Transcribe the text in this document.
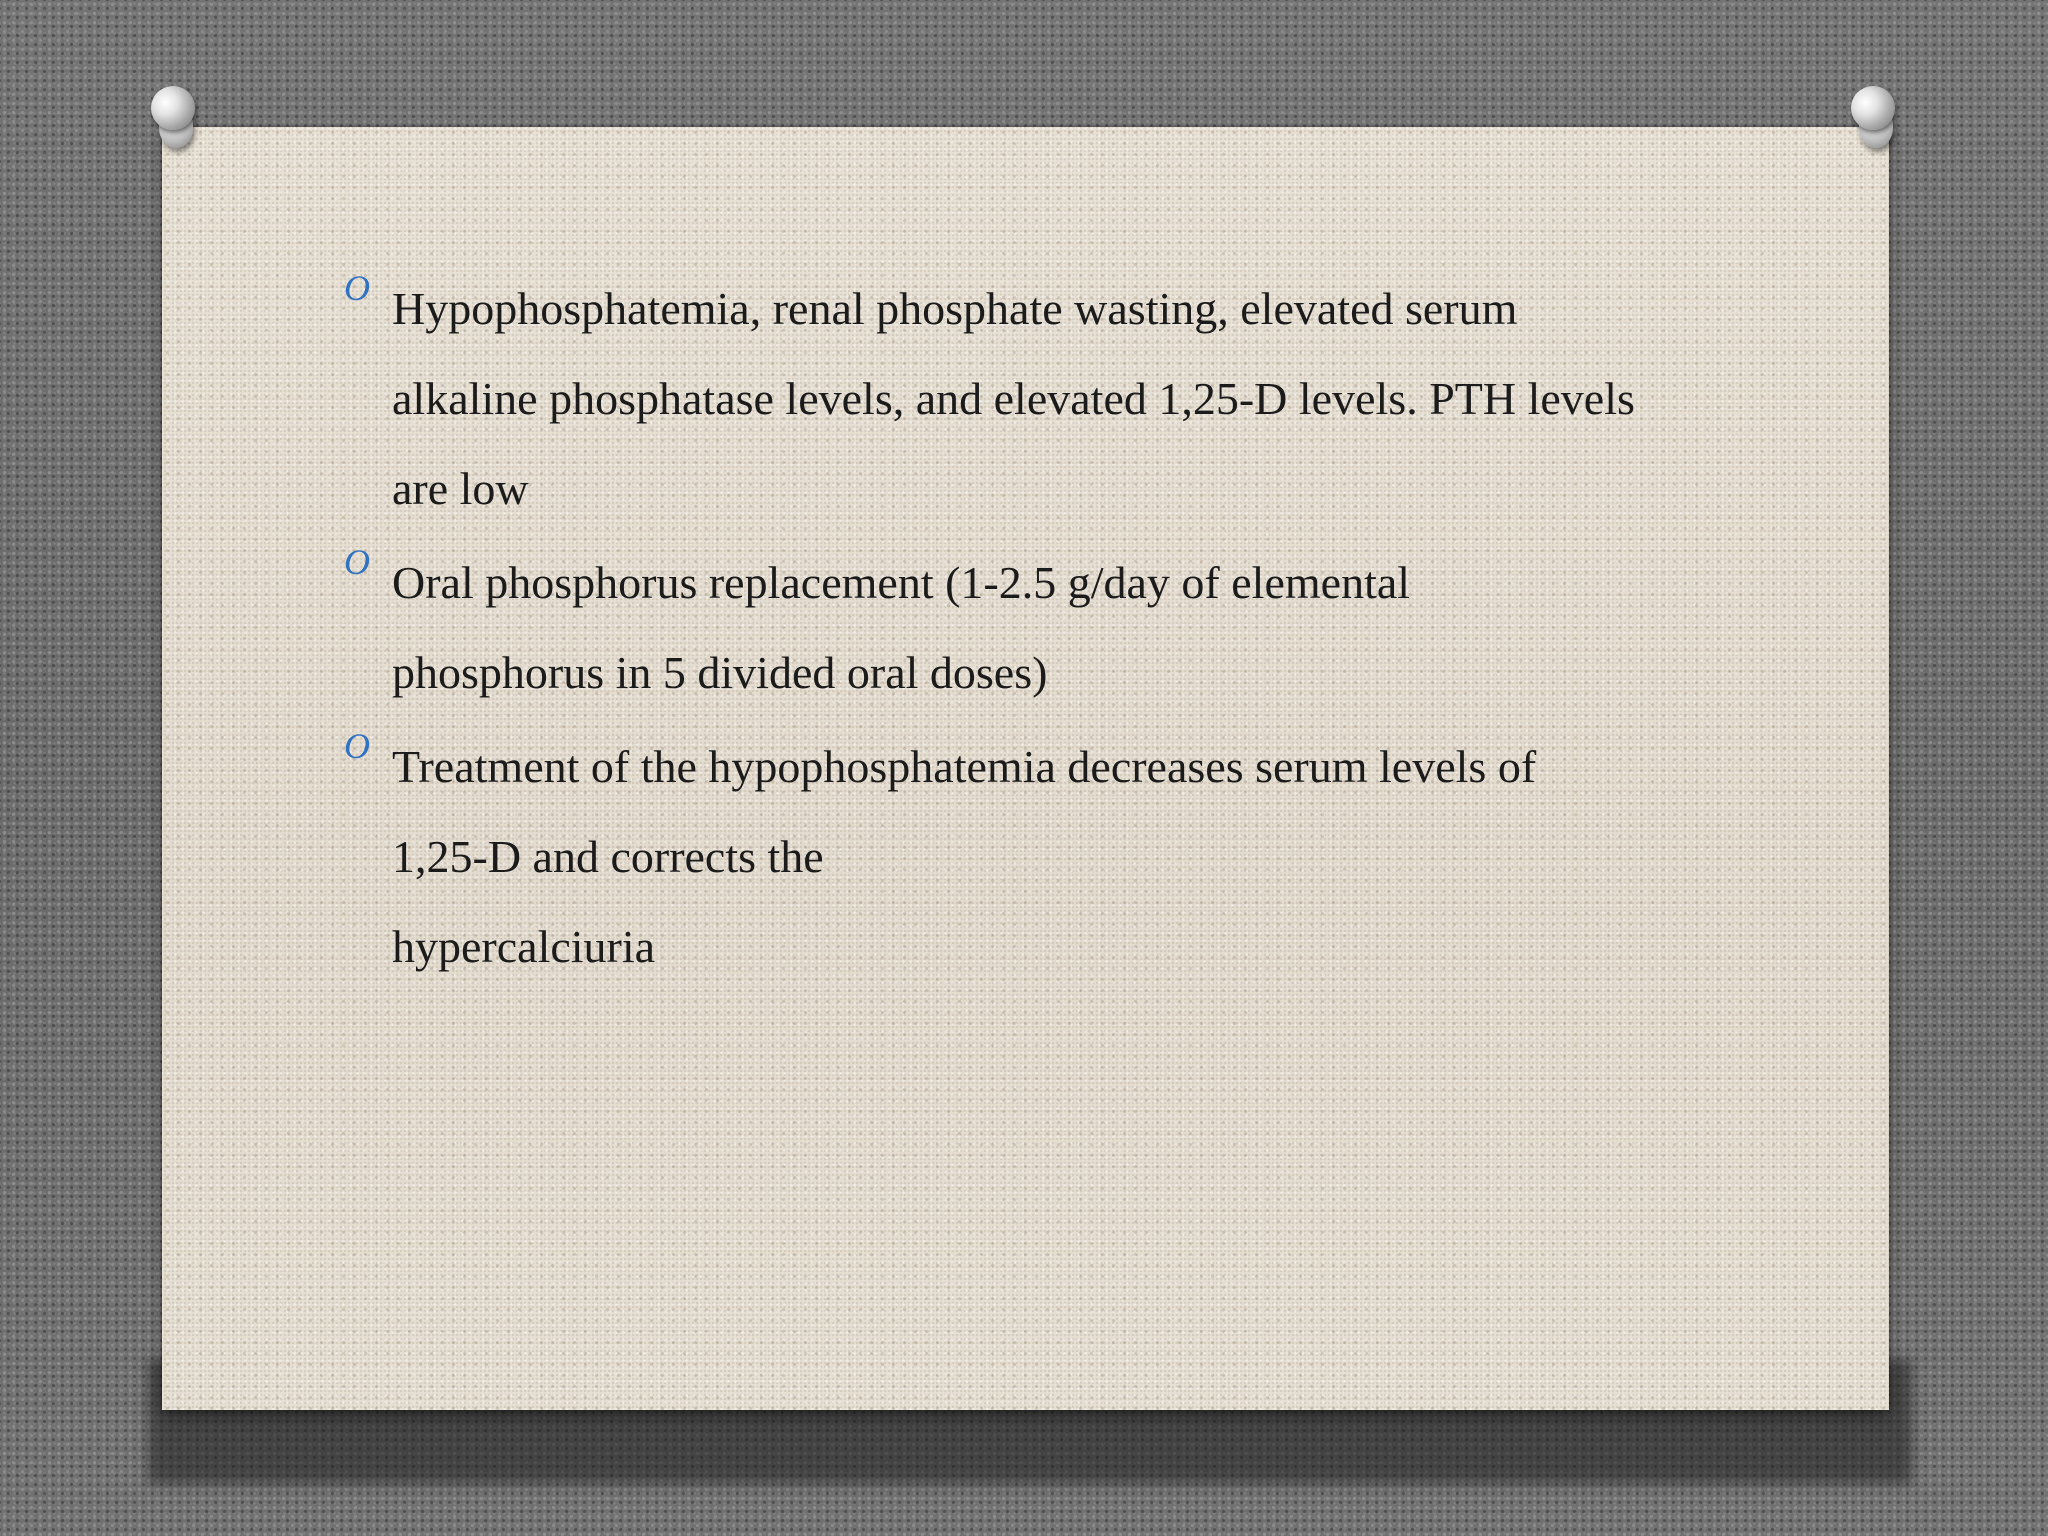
O Hypophosphatemia, renal phosphate wasting, elevated serum
alkaline phosphatase levels, and elevated 1,25-D levels. PTH levels
are low
O Oral phosphorus replacement (1-2.5 g/day of elemental
phosphorus in 5 divided oral doses)
O Treatment of the hypophosphatemia decreases serum levels of
1,25-D and corrects the
hypercalciuria
